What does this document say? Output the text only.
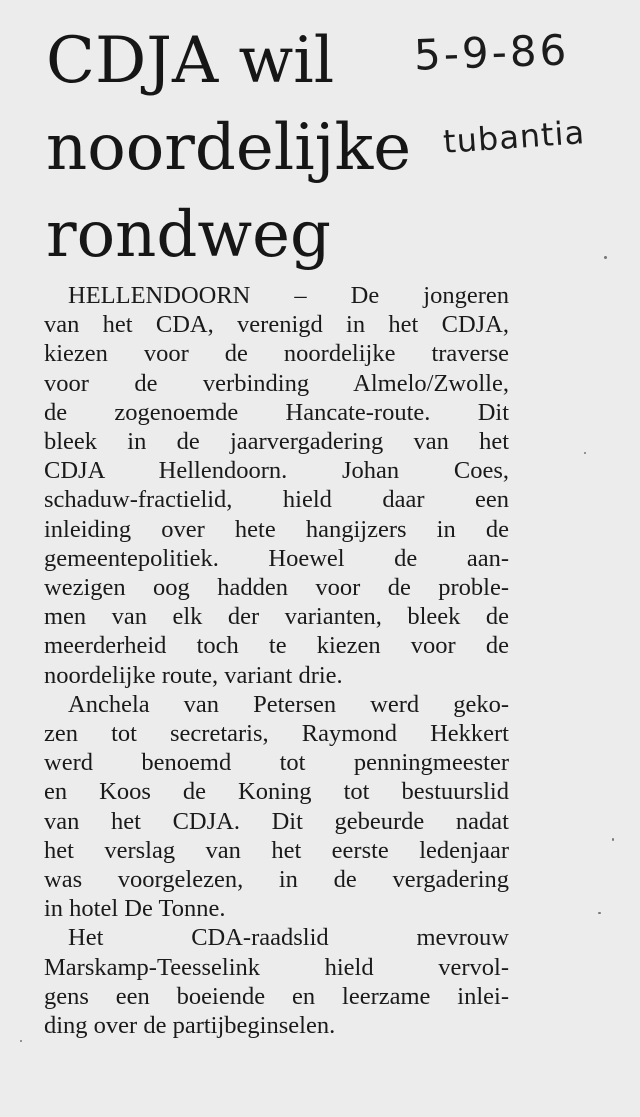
CDJA wil
noordelijke
rondweg
5-9-86
tubantia
HELLENDOORN – De jongeren
van het CDA, verenigd in het CDJA,
kiezen voor de noordelijke traverse
voor de verbinding Almelo/Zwolle,
de zogenoemde Hancate-route. Dit
bleek in de jaarvergadering van het
CDJA Hellendoorn. Johan Coes,
schaduw-fractielid, hield daar een
inleiding over hete hangijzers in de
gemeentepolitiek. Hoewel de aan-
wezigen oog hadden voor de proble-
men van elk der varianten, bleek de
meerderheid toch te kiezen voor de
noordelijke route, variant drie.
Anchela van Petersen werd geko-
zen tot secretaris, Raymond Hekkert
werd benoemd tot penningmeester
en Koos de Koning tot bestuurslid
van het CDJA. Dit gebeurde nadat
het verslag van het eerste ledenjaar
was voorgelezen, in de vergadering
in hotel De Tonne.
Het CDA-raadslid mevrouw
Marskamp-Teesselink hield vervol-
gens een boeiende en leerzame inlei-
ding over de partijbeginselen.
